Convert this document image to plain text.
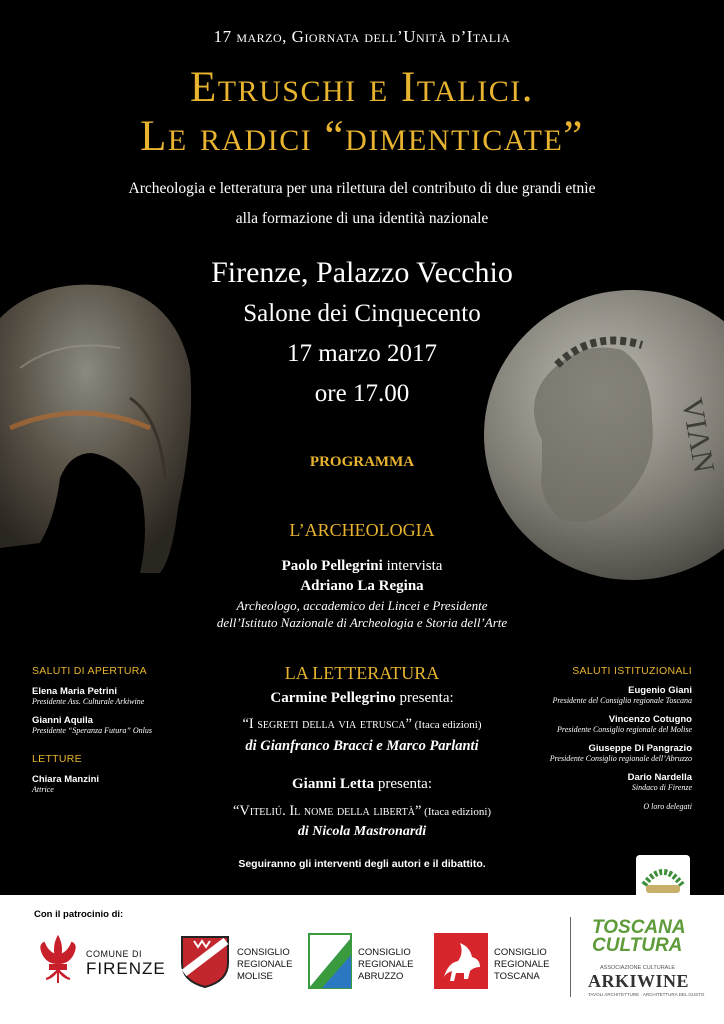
17 marzo, Giornata dell’Unità d’Italia
Etruschi e Italici.
Le radici “dimenticate”
Archeologia e letteratura per una rilettura del contributo di due grandi etnìe
alla formazione di una identità nazionale
VIΛN
Firenze, Palazzo Vecchio
Salone dei Cinquecento
17 marzo 2017
ore 17.00
PROGRAMMA
L’ARCHEOLOGIA
Paolo Pellegrini intervista
Adriano La Regina
Archeologo, accademico dei Lincei e Presidente
dell’Istituto Nazionale di Archeologia e Storia dell’Arte
LA LETTERATURA
Carmine Pellegrino presenta:
“I segreti della via etrusca” (Itaca edizioni)
di Gianfranco Bracci e Marco Parlanti
Gianni Letta presenta:
“Viteliú. Il nome della libertà” (Itaca edizioni)
di Nicola Mastronardi
Seguiranno gli interventi degli autori e il dibattito.
SALUTI DI APERTURA
Elena Maria Petrini
Presidente Ass. Culturale Arkiwine
Gianni Aquila
Presidente “Speranza Futura” Onlus
LETTURE
Chiara Manzini
Attrice
SALUTI ISTITUZIONALI
Eugenio Giani
Presidente del Consiglio regionale Toscana
Vincenzo Cotugno
Presidente Consiglio regionale del Molise
Giuseppe Di Pangrazio
Presidente Consiglio regionale dell’Abruzzo
Dario Nardella
Sindaco di Firenze
O loro delegati
Con il patrocinio di:
COMUNE DI
FIRENZE
CONSIGLIO
REGIONALE
MOLISE
CONSIGLIO
REGIONALE
ABRUZZO
CONSIGLIO
REGIONALE
TOSCANA
TOSCANA
CULTURA
ASSOCIAZIONE CULTURALE
ARKIWINE
TAVOLI ARCHITETTURE · ARCHITETTURA DEL GUSTO
